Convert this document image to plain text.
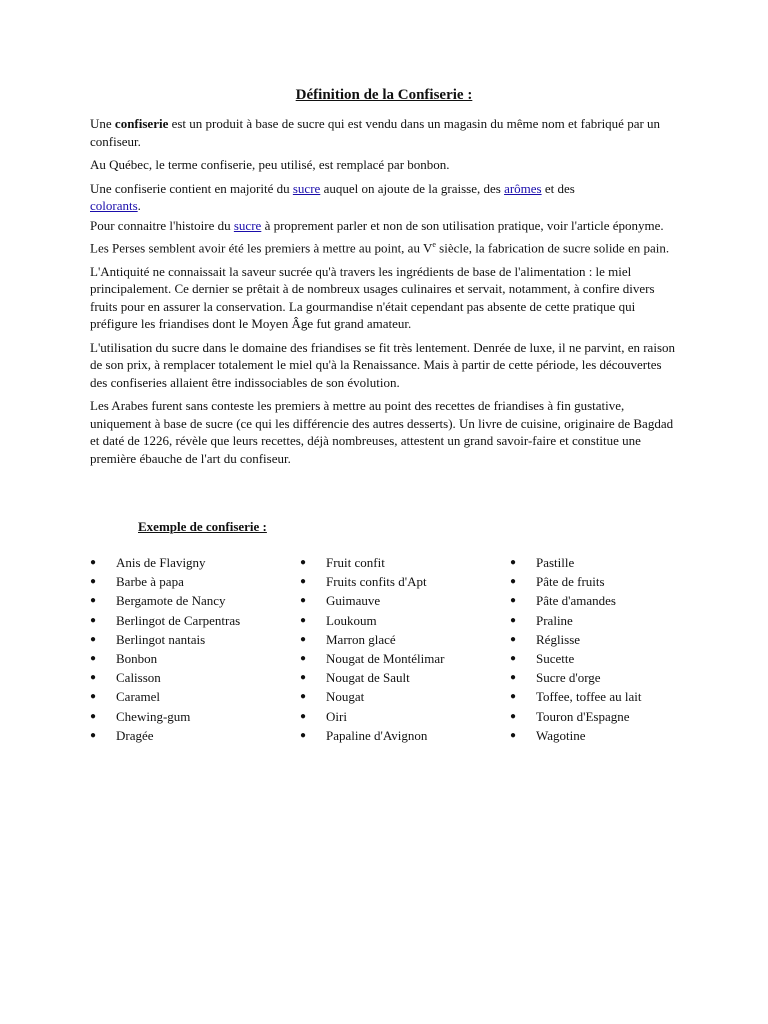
Définition de la Confiserie :

Une confiserie est un produit à base de sucre qui est vendu dans un magasin du même nom et fabriqué par un confiseur.

Au Québec, le terme confiserie, peu utilisé, est remplacé par bonbon.

Une confiserie contient en majorité du sucre auquel on ajoute de la graisse, des arômes et des
colorants.

Pour connaitre l'histoire du sucre à proprement parler et non de son utilisation pratique, voir l'article éponyme.

Les Perses semblent avoir été les premiers à mettre au point, au Ve siècle, la fabrication de sucre solide en pain.

L'Antiquité ne connaissait la saveur sucrée qu'à travers les ingrédients de base de l'alimentation : le miel principalement. Ce dernier se prêtait à de nombreux usages culinaires et servait, notamment, à confire divers fruits pour en assurer la conservation. La gourmandise n'était cependant pas absente de cette pratique qui préfigure les friandises dont le Moyen Âge fut grand amateur.

L'utilisation du sucre dans le domaine des friandises se fit très lentement. Denrée de luxe, il ne parvint, en raison de son prix, à remplacer totalement le miel qu'à la Renaissance. Mais à partir de cette période, les découvertes des confiseries allaient être indissociables de son évolution.

Les Arabes furent sans conteste les premiers à mettre au point des recettes de friandises à fin gustative, uniquement à base de sucre (ce qui les différencie des autres desserts). Un livre de cuisine, originaire de Bagdad et daté de 1226, révèle que leurs recettes, déjà nombreuses, attestent un grand savoir-faire et constitue une première ébauche de l'art du confiseur.

Exemple de confiserie :
● Anis de Flavigny
● Barbe à papa
● Bergamote de Nancy
● Berlingot de Carpentras
● Berlingot nantais
● Bonbon
● Calisson
● Caramel
● Chewing-gum
● Dragée
● Fruit confit
● Fruits confits d'Apt
● Guimauve
● Loukoum
● Marron glacé
● Nougat de Montélimar
● Nougat de Sault
● Nougat
● Oiri
● Papaline d'Avignon
● Pastille
● Pâte de fruits
● Pâte d'amandes
● Praline
● Réglisse
● Sucette
● Sucre d'orge
● Toffee, toffee au lait
● Touron d'Espagne
● Wagotine
